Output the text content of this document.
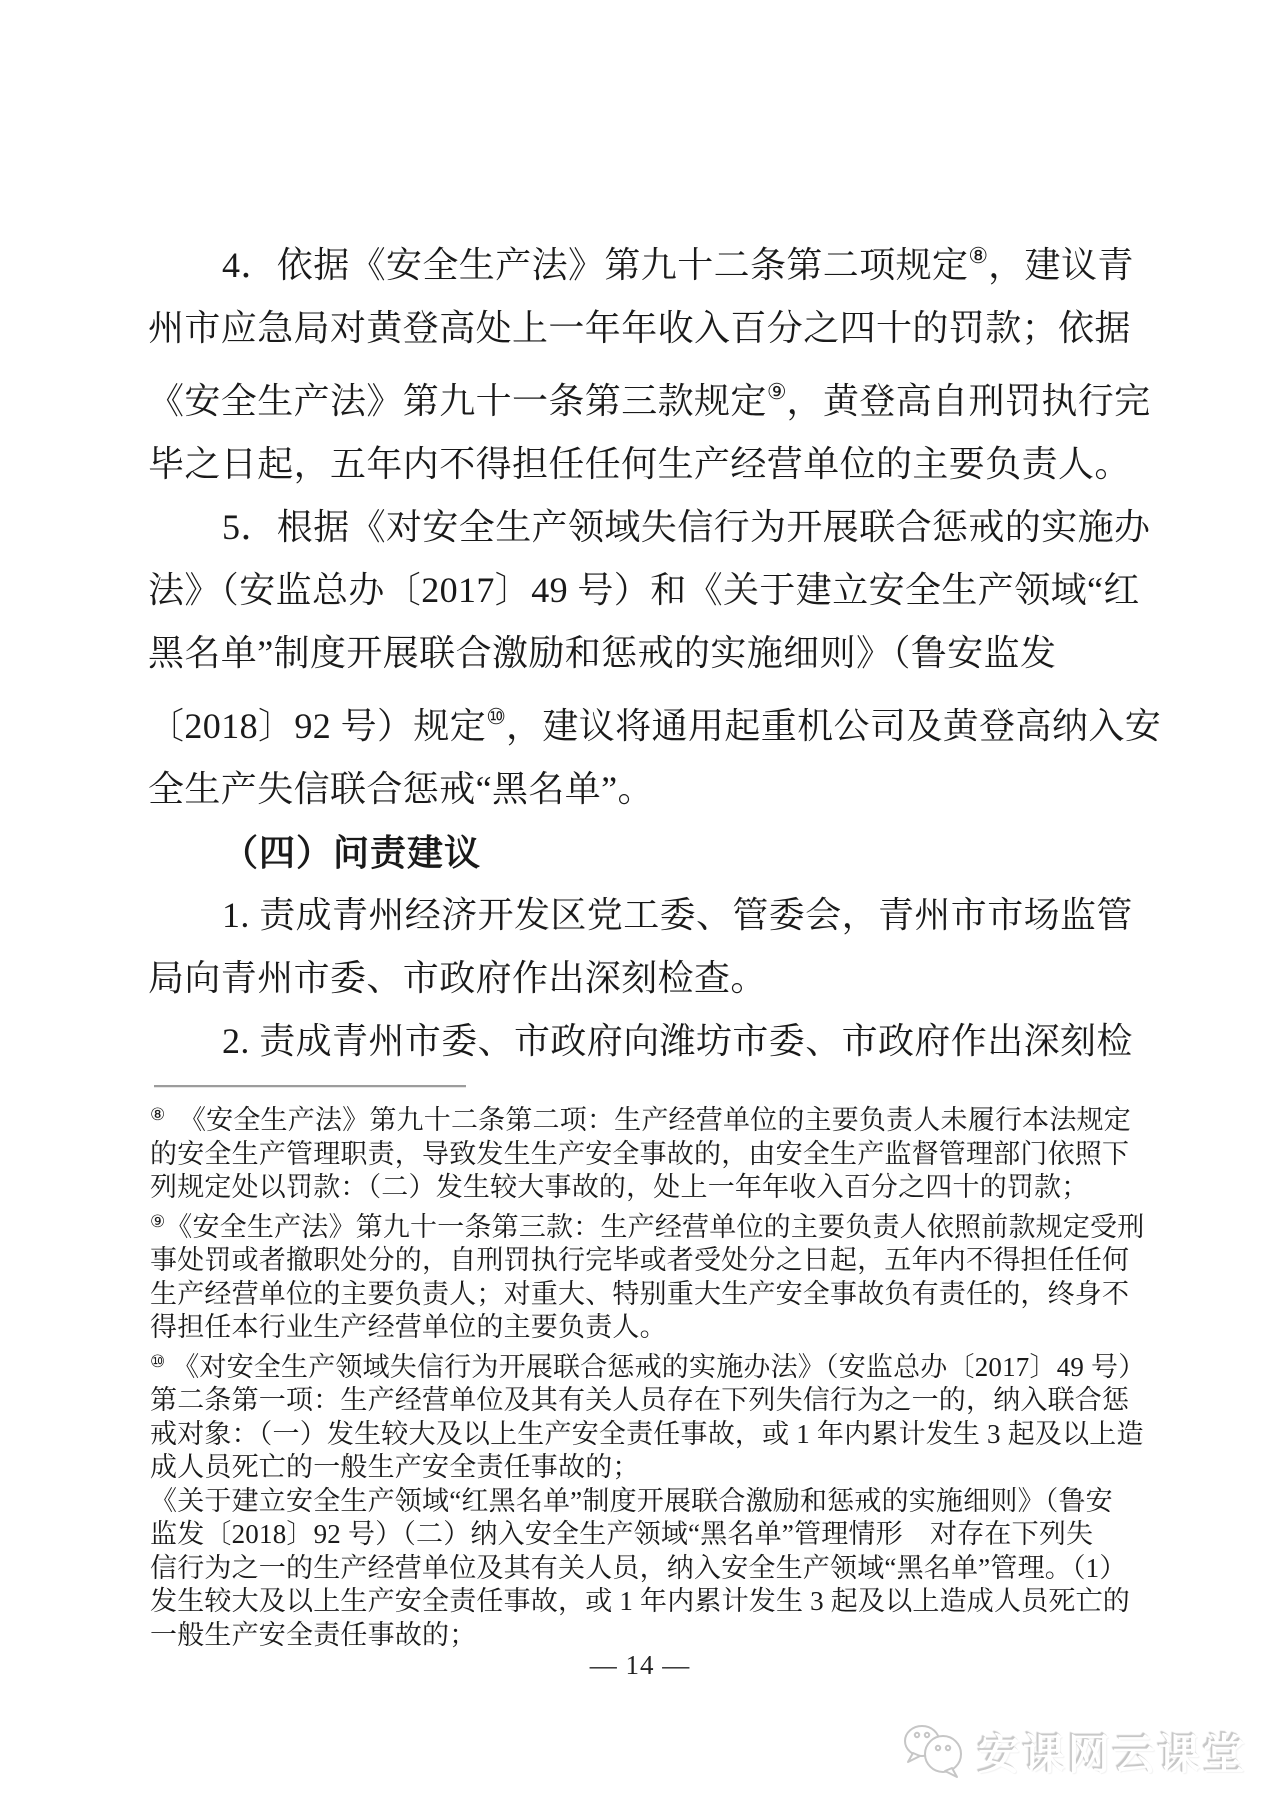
4．依据《安全生产法》第九十二条第二项规定⑧，建议青
州市应急局对黄登高处上一年年收入百分之四十的罚款；依据
《安全生产法》第九十一条第三款规定⑨，黄登高自刑罚执行完
毕之日起，五年内不得担任任何生产经营单位的主要负责人。
5．根据《对安全生产领域失信行为开展联合惩戒的实施办
法》（安监总办〔2017〕49 号）和《关于建立安全生产领域“红
黑名单”制度开展联合激励和惩戒的实施细则》（鲁安监发
〔2018〕92 号）规定⑩，建议将通用起重机公司及黄登高纳入安
全生产失信联合惩戒“黑名单”。
（四）问责建议
1. 责成青州经济开发区党工委、管委会，青州市市场监管
局向青州市委、市政府作出深刻检查。
2. 责成青州市委、市政府向潍坊市委、市政府作出深刻检
⑧　《安全生产法》第九十二条第二项：生产经营单位的主要负责人未履行本法规定
的安全生产管理职责，导致发生生产安全事故的，由安全生产监督管理部门依照下
列规定处以罚款：（二）发生较大事故的，处上一年年收入百分之四十的罚款；
⑨《安全生产法》第九十一条第三款：生产经营单位的主要负责人依照前款规定受刑
事处罚或者撤职处分的，自刑罚执行完毕或者受处分之日起，五年内不得担任任何
生产经营单位的主要负责人；对重大、特别重大生产安全事故负有责任的，终身不
得担任本行业生产经营单位的主要负责人。
⑩ 《对安全生产领域失信行为开展联合惩戒的实施办法》（安监总办〔2017〕49 号）
第二条第一项：生产经营单位及其有关人员存在下列失信行为之一的，纳入联合惩
戒对象：（一）发生较大及以上生产安全责任事故，或 1 年内累计发生 3 起及以上造
成人员死亡的一般生产安全责任事故的；
《关于建立安全生产领域“红黑名单”制度开展联合激励和惩戒的实施细则》（鲁安
监发〔2018〕92 号）（二）纳入安全生产领域“黑名单”管理情形　对存在下列失
信行为之一的生产经营单位及其有关人员，纳入安全生产领域“黑名单”管理。（1）
发生较大及以上生产安全责任事故，或 1 年内累计发生 3 起及以上造成人员死亡的
一般生产安全责任事故的；
— 14 —
安课网云课堂
